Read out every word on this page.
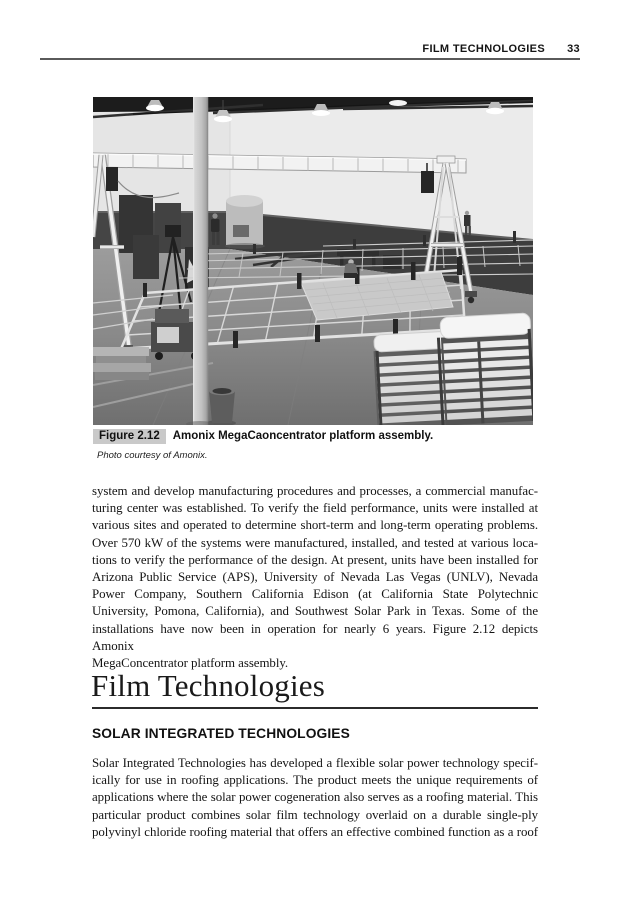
FILM TECHNOLOGIES 33
Figure 2.12 Amonix MegaCaoncentrator platform assembly.
Photo courtesy of Amonix.
system and develop manufacturing procedures and processes, a commercial manufac-
turing center was established. To verify the field performance, units were installed at
various sites and operated to determine short-term and long-term operating problems.
Over 570 kW of the systems were manufactured, installed, and tested at various loca-
tions to verify the performance of the design. At present, units have been installed for
Arizona Public Service (APS), University of Nevada Las Vegas (UNLV), Nevada
Power Company, Southern California Edison (at California State Polytechnic
University, Pomona, California), and Southwest Solar Park in Texas. Some of the
installations have now been in operation for nearly 6 years. Figure 2.12 depicts Amonix
MegaConcentrator platform assembly.
Film Technologies
SOLAR INTEGRATED TECHNOLOGIES
Solar Integrated Technologies has developed a flexible solar power technology specif-
ically for use in roofing applications. The product meets the unique requirements of
applications where the solar power cogeneration also serves as a roofing material. This
particular product combines solar film technology overlaid on a durable single-ply
polyvinyl chloride roofing material that offers an effective combined function as a roof
